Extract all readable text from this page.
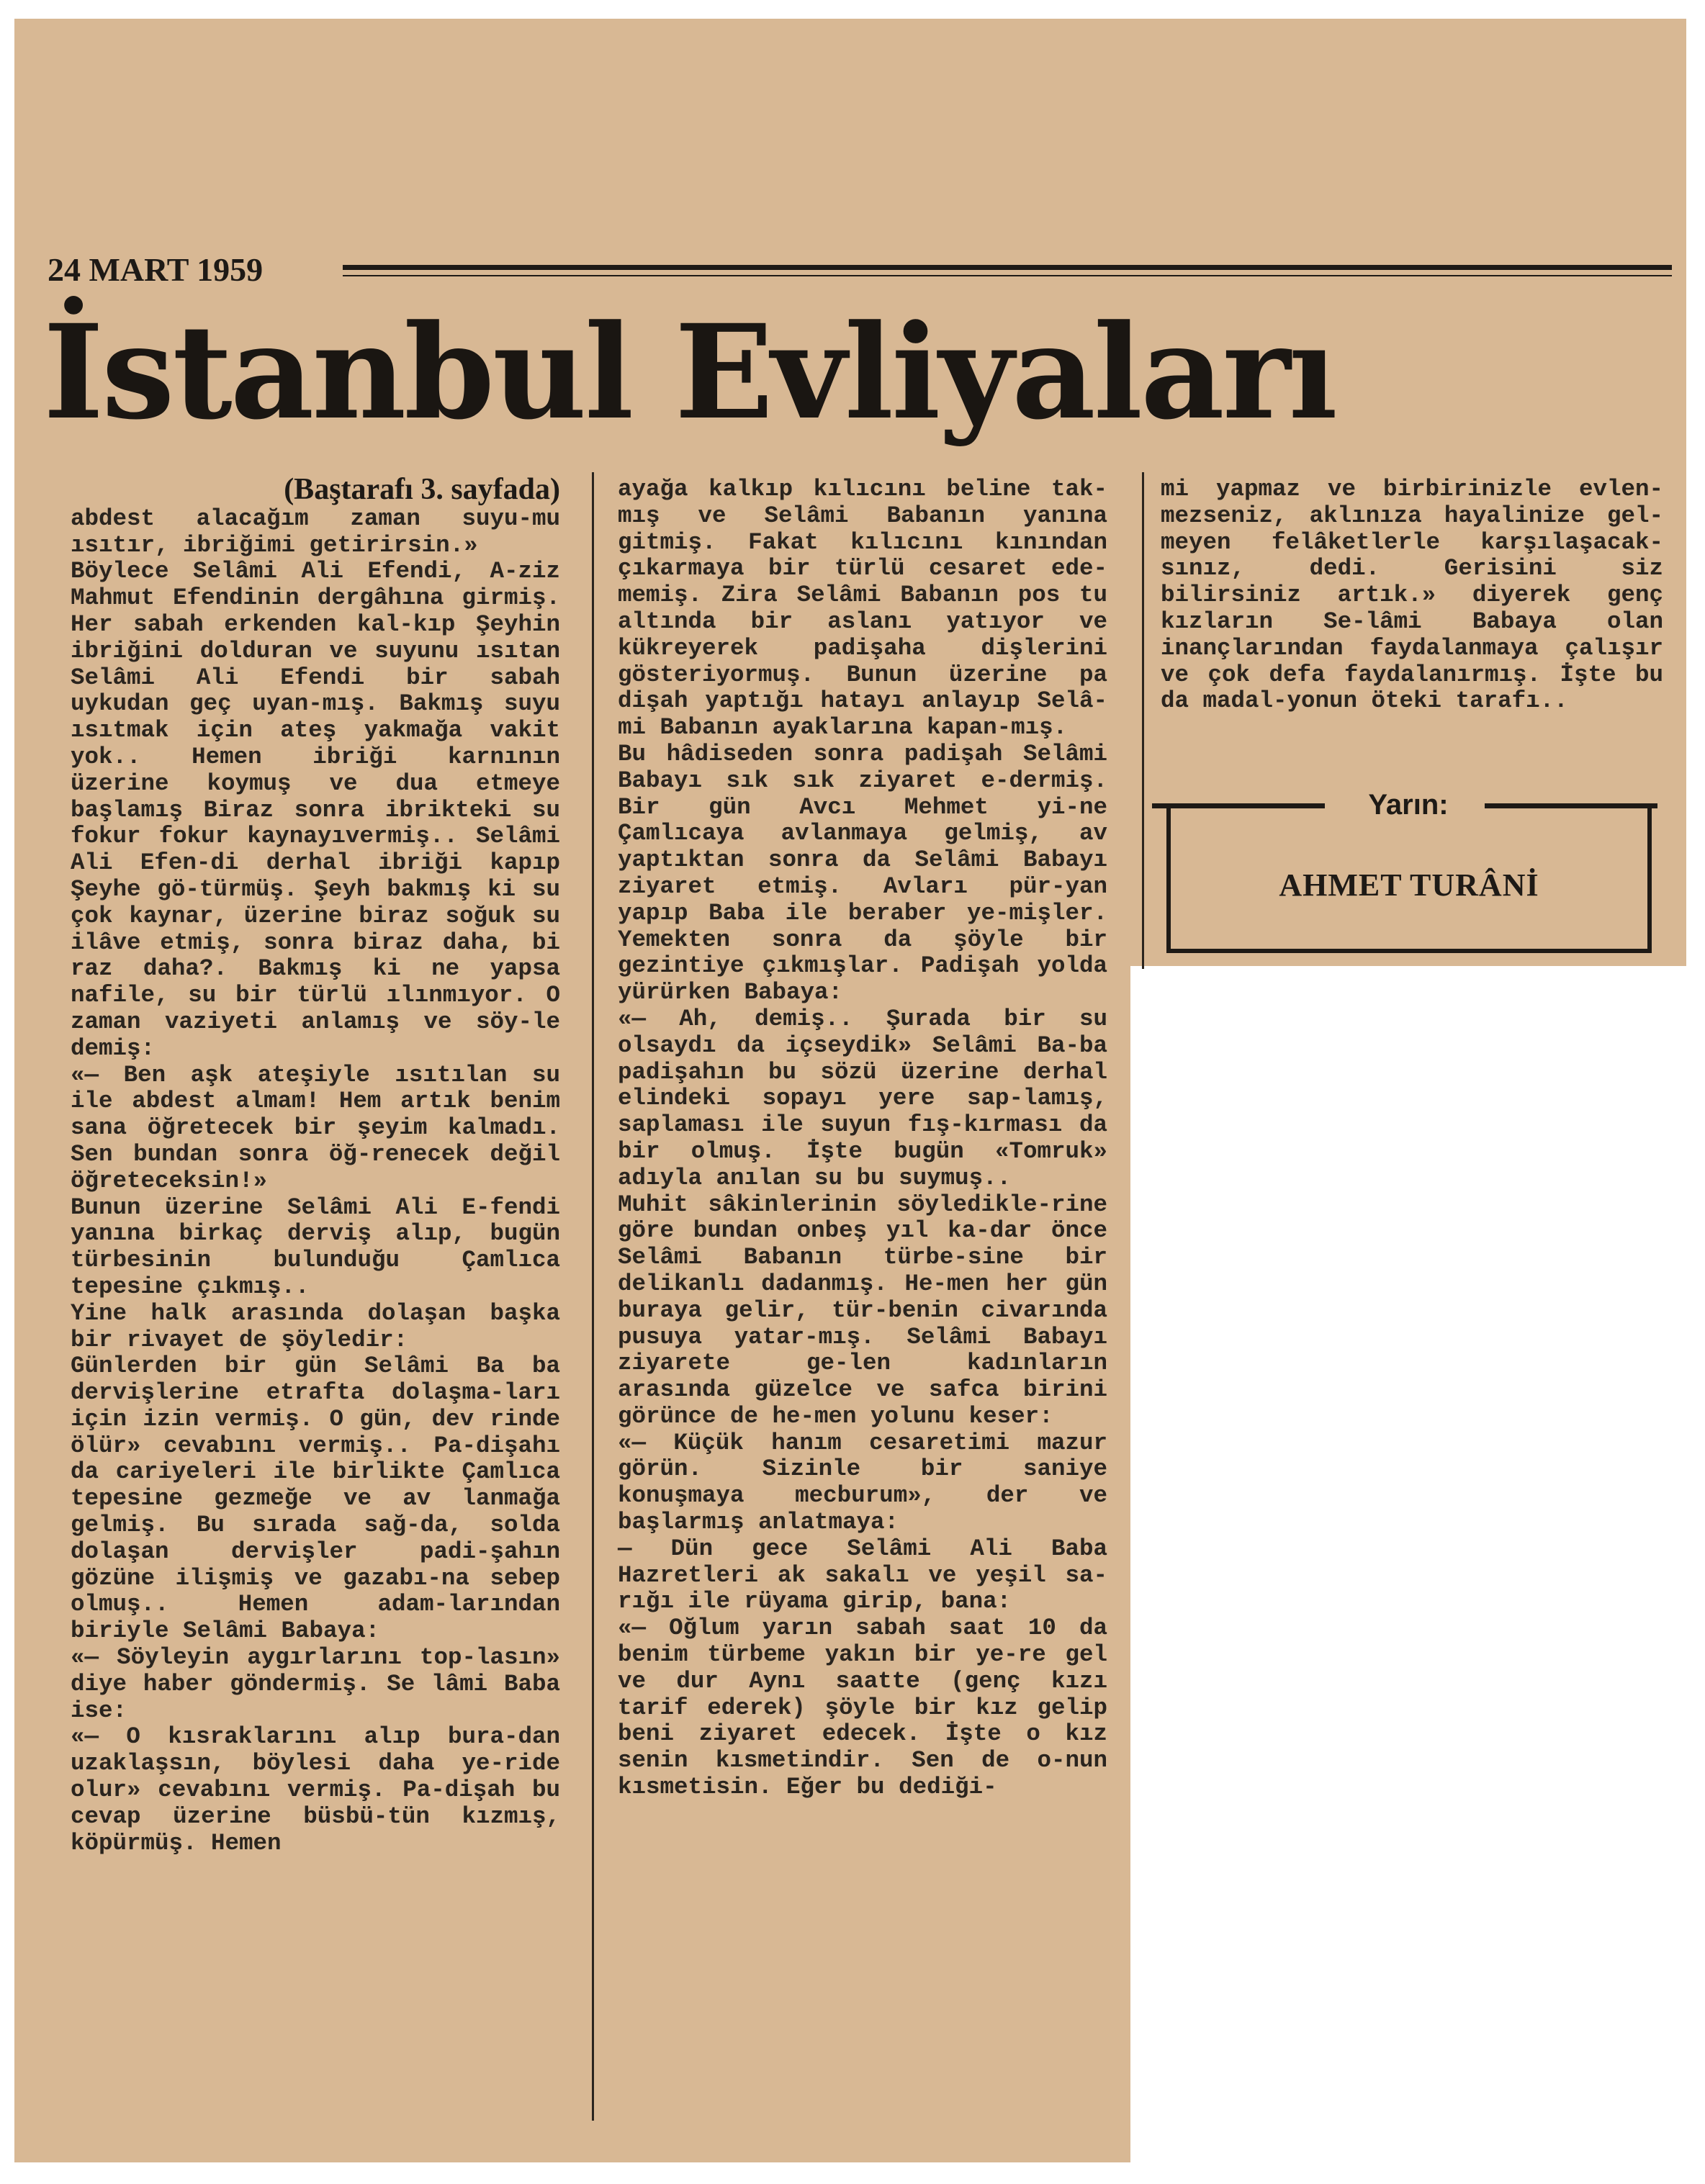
24 MART 1959
İstanbul Evliyaları
(Baştarafı 3. sayfada)

abdest alacağım zaman suyu-mu ısıtır, ibriğimi getirirsin.»

Böylece Selâmi Ali Efendi, A-ziz Mahmut Efendinin dergâhına girmiş. Her sabah erkenden kal-kıp Şeyhin ibriğini dolduran ve suyunu ısıtan Selâmi Ali Efendi bir sabah uykudan geç uyan-mış. Bakmış suyu ısıtmak için ateş yakmağa vakit yok.. Hemen ibriği karnının üzerine koymuş ve dua etmeye başlamış Biraz sonra ibrikteki su fokur fokur kaynayıvermiş.. Selâmi Ali Efen-di derhal ibriği kapıp Şeyhe gö-türmüş. Şeyh bakmış ki su çok kaynar, üzerine biraz soğuk su ilâve etmiş, sonra biraz daha, bi raz daha?. Bakmış ki ne yapsa nafile, su bir türlü ılınmıyor. O zaman vaziyeti anlamış ve söy-le demiş:

«— Ben aşk ateşiyle ısıtılan su ile abdest almam! Hem artık benim sana öğretecek bir şeyim kalmadı. Sen bundan sonra öğ-renecek değil öğreteceksin!»

Bunun üzerine Selâmi Ali E-fendi yanına birkaç derviş alıp, bugün türbesinin bulunduğu Çamlıca tepesine çıkmış..

Yine halk arasında dolaşan başka bir rivayet de şöyledir:

Günlerden bir gün Selâmi Ba ba dervişlerine etrafta dolaşma-ları için izin vermiş. O gün, dev rinde ölür» cevabını vermiş.. Pa-dişahı da cariyeleri ile birlikte Çamlıca tepesine gezmeğe ve av lanmağa gelmiş. Bu sırada sağ-da, solda dolaşan dervişler padi-şahın gözüne ilişmiş ve gazabı-na sebep olmuş.. Hemen adam-larından biriyle Selâmi Babaya:

«— Söyleyin aygırlarını top-lasın» diye haber göndermiş. Se lâmi Baba ise:

«— O kısraklarını alıp bura-dan uzaklaşsın, böylesi daha ye-ride olur» cevabını vermiş. Pa-dişah bu cevap üzerine büsbü-tün kızmış, köpürmüş. Hemen

ayağa kalkıp kılıcını beline tak-mış ve Selâmi Babanın yanına gitmiş. Fakat kılıcını kınından çıkarmaya bir türlü cesaret ede-memiş. Zira Selâmi Babanın pos tu altında bir aslanı yatıyor ve kükreyerek padişaha dişlerini gösteriyormuş. Bunun üzerine pa dişah yaptığı hatayı anlayıp Selâ-mi Babanın ayaklarına kapan-mış.

Bu hâdiseden sonra padişah Selâmi Babayı sık sık ziyaret e-dermiş. Bir gün Avcı Mehmet yi-ne Çamlıcaya avlanmaya gelmiş, av yaptıktan sonra da Selâmi Babayı ziyaret etmiş. Avları pür-yan yapıp Baba ile beraber ye-mişler. Yemekten sonra da şöyle bir gezintiye çıkmışlar. Padişah yolda yürürken Babaya:

«— Ah, demiş.. Şurada bir su olsaydı da içseydik» Selâmi Ba-ba padişahın bu sözü üzerine derhal elindeki sopayı yere sap-lamış, saplaması ile suyun fış-kırması da bir olmuş. İşte bugün «Tomruk» adıyla anılan su bu suymuş..

Muhit sâkinlerinin söyledikle-rine göre bundan onbeş yıl ka-dar önce Selâmi Babanın türbe-sine bir delikanlı dadanmış. He-men her gün buraya gelir, tür-benin civarında pusuya yatar-mış. Selâmi Babayı ziyarete ge-len kadınların arasında güzelce ve safca birini görünce de he-men yolunu keser:

«— Küçük hanım cesaretimi mazur görün. Sizinle bir saniye konuşmaya mecburum», der ve başlarmış anlatmaya:

— Dün gece Selâmi Ali Baba Hazretleri ak sakalı ve yeşil sa-rığı ile rüyama girip, bana:

«— Oğlum yarın sabah saat 10 da benim türbeme yakın bir ye-re gel ve dur Aynı saatte (genç kızı tarif ederek) şöyle bir kız gelip beni ziyaret edecek. İşte o kız senin kısmetindir. Sen de o-nun kısmetisin. Eğer bu dediği-

mi yapmaz ve birbirinizle evlen-mezseniz, aklınıza hayalinize gel-meyen felâketlerle karşılaşacak-sınız, dedi. Gerisini siz bilirsiniz artık.» diyerek genç kızların Se-lâmi Babaya olan inançlarından faydalanmaya çalışır ve çok defa faydalanırmış. İşte bu da madal-yonun öteki tarafı..

Yarın:
AHMET TURÂNİ
